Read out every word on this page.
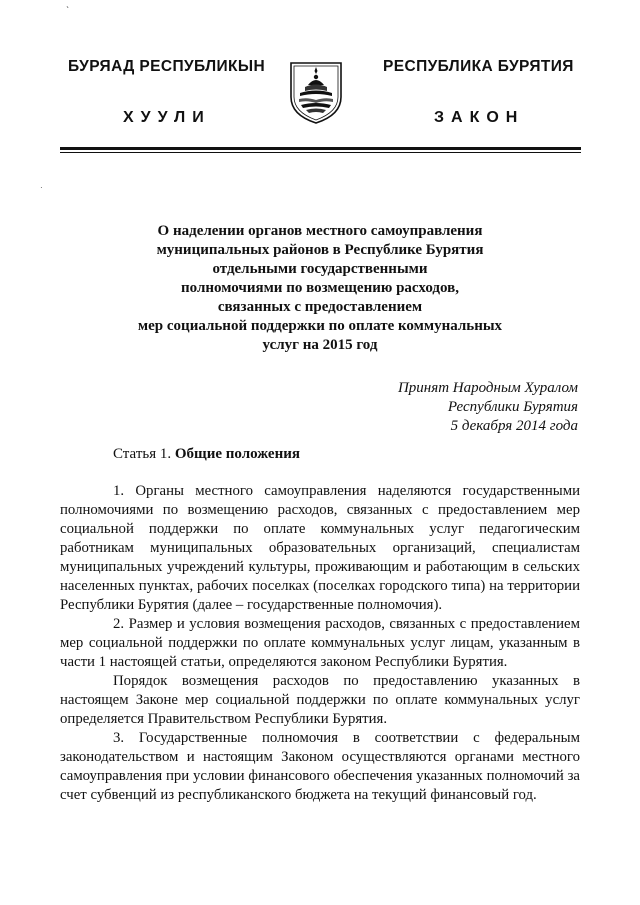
ˋ
БУРЯАД РЕСПУБЛИКЫН	РЕСПУБЛИКА БУРЯТИЯ
ХУУЛИ	ЗАКОН
·
О наделении органов местного самоуправления
муниципальных районов в Республике Бурятия
отдельными государственными
полномочиями по возмещению расходов,
связанных с предоставлением
мер социальной поддержки по оплате коммунальных
услуг на 2015 год
Принят Народным Хуралом
Республики Бурятия
5 декабря 2014 года
Статья 1. Общие положения

1. Органы местного самоуправления наделяются государственными полномочиями по возмещению расходов, связанных с предоставлением мер социальной поддержки по оплате коммунальных услуг педагогическим работникам муниципальных образовательных организаций, специалистам муниципальных учреждений культуры, проживающим и работающим в сельских населенных пунктах, рабочих поселках (поселках городского типа) на территории Республики Бурятия (далее – государственные полномочия).

2. Размер и условия возмещения расходов, связанных с предоставлением мер социальной поддержки по оплате коммунальных услуг лицам, указанным в части 1 настоящей статьи, определяются законом Республики Бурятия.

Порядок возмещения расходов по предоставлению указанных в настоящем Законе мер социальной поддержки по оплате коммунальных услуг определяется Правительством Республики Бурятия.

3. Государственные полномочия в соответствии с федеральным законодательством и настоящим Законом осуществляются органами местного самоуправления при условии финансового обеспечения указанных полномочий за счет субвенций из республиканского бюджета на текущий финансовый год.
